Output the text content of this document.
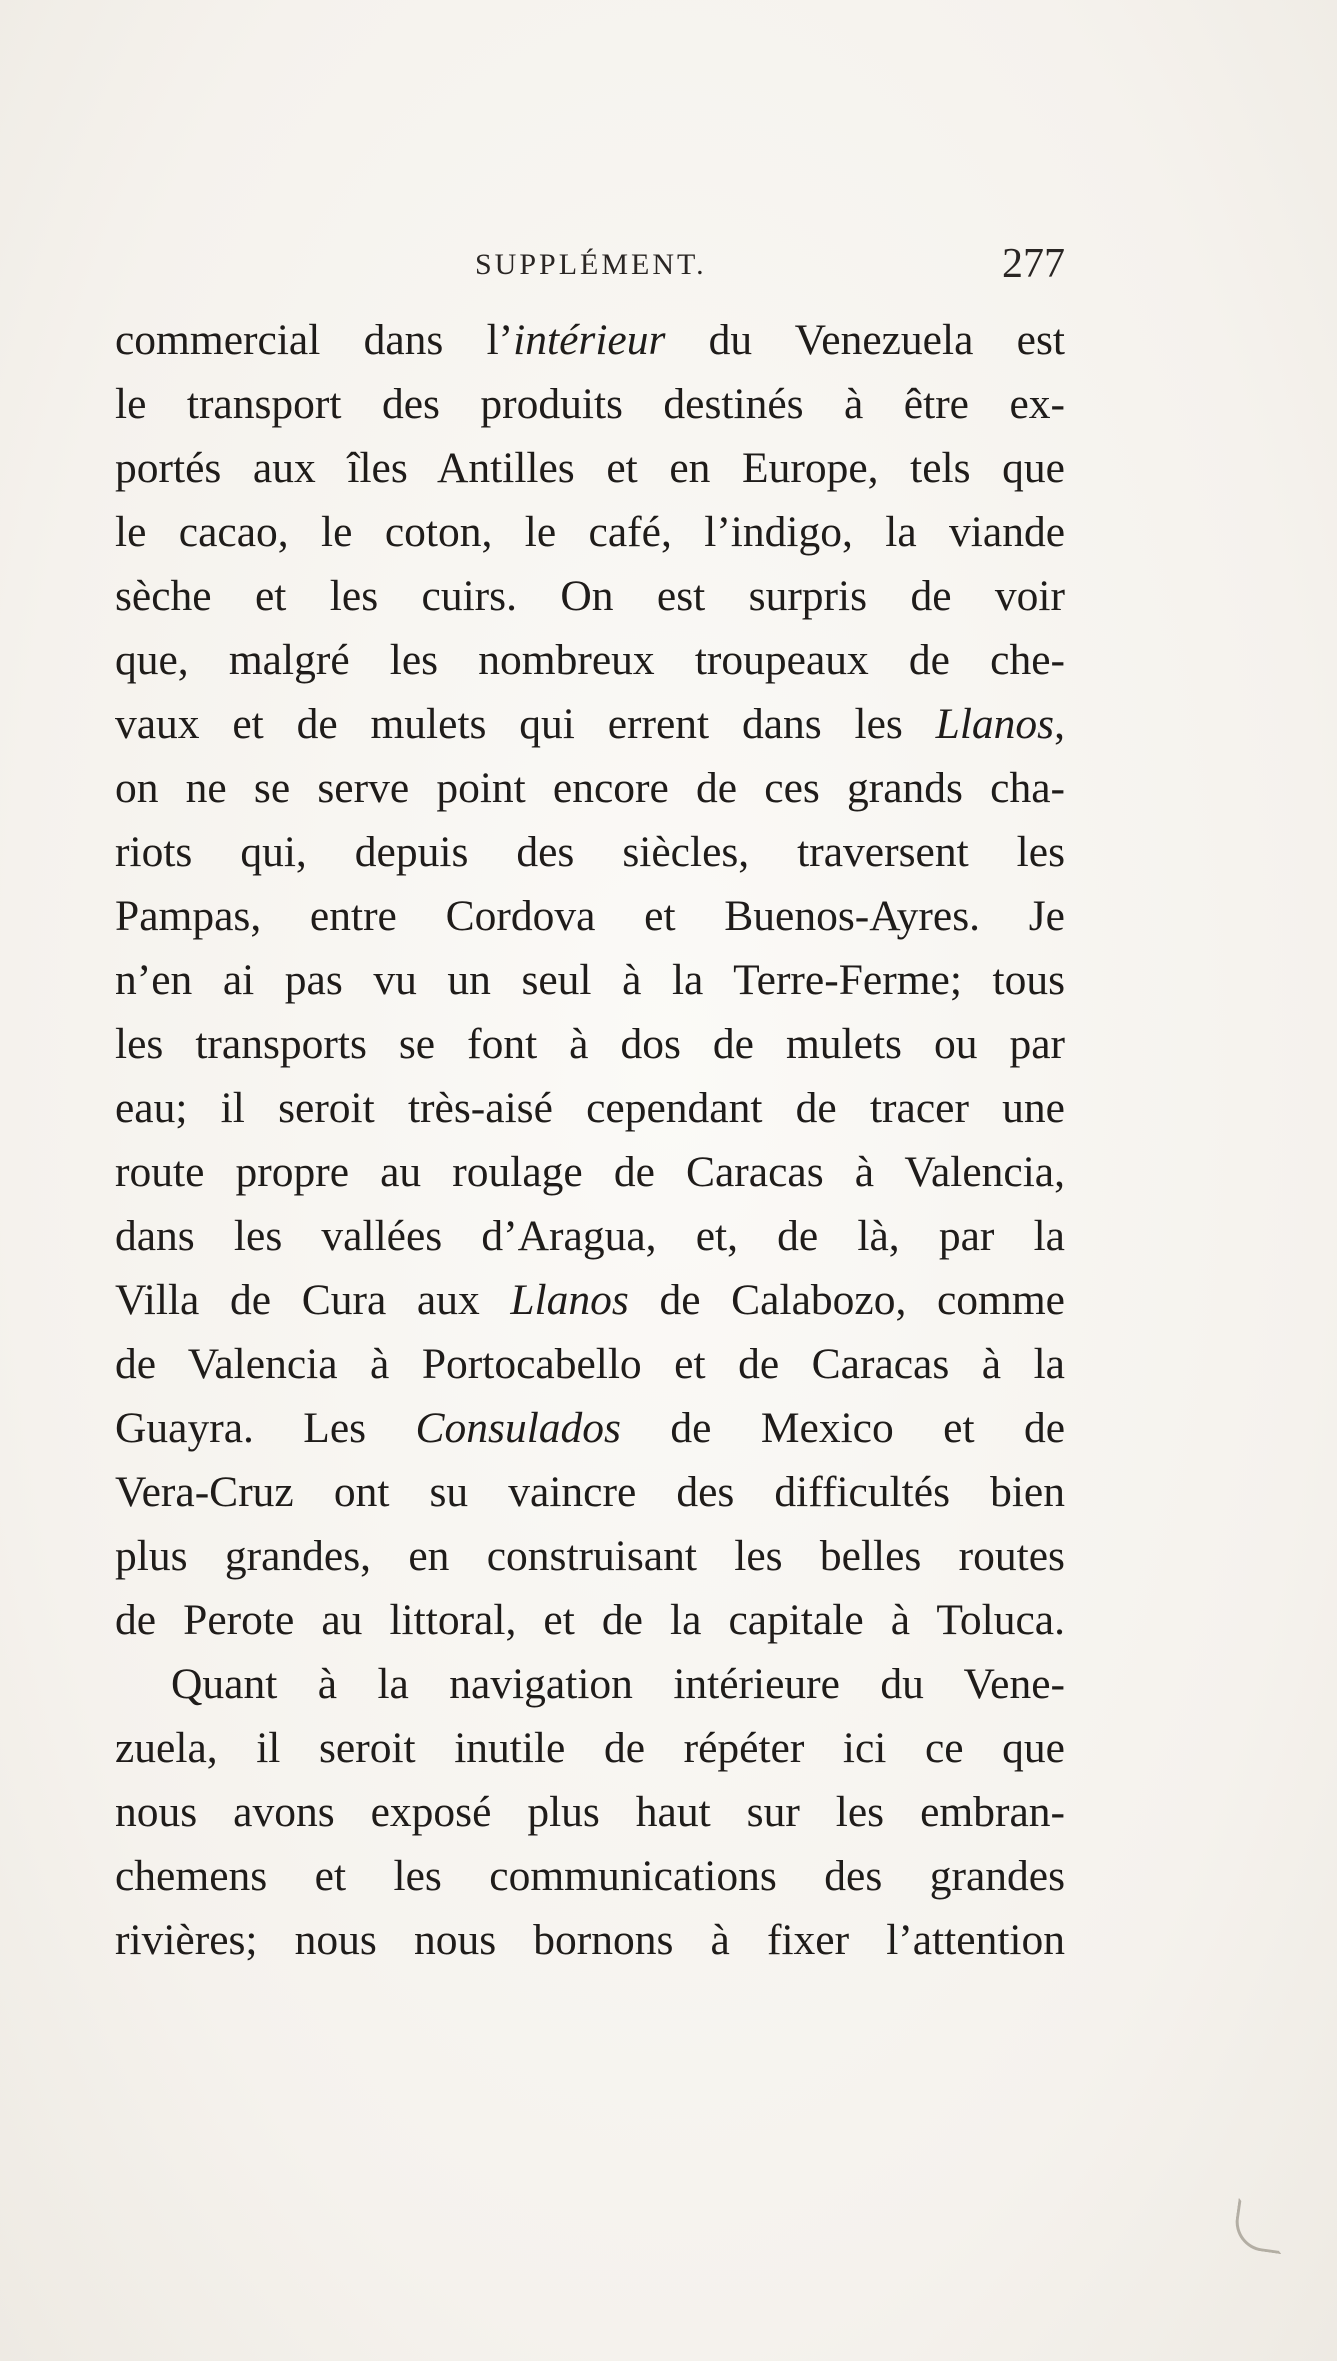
SUPPLÉMENT.	277
commercial dans l’intérieur du Venezuela est
le transport des produits destinés à être ex-
portés aux îles Antilles et en Europe, tels que
le cacao, le coton, le café, l’indigo, la viande
sèche et les cuirs. On est surpris de voir
que, malgré les nombreux troupeaux de che-
vaux et de mulets qui errent dans les Llanos,
on ne se serve point encore de ces grands cha-
riots qui, depuis des siècles, traversent les
Pampas, entre Cordova et Buenos-Ayres. Je
n’en ai pas vu un seul à la Terre-Ferme; tous
les transports se font à dos de mulets ou par
eau; il seroit très-aisé cependant de tracer une
route propre au roulage de Caracas à Valencia,
dans les vallées d’Aragua, et, de là, par la
Villa de Cura aux Llanos de Calabozo, comme
de Valencia à Portocabello et de Caracas à la
Guayra. Les Consulados de Mexico et de
Vera-Cruz ont su vaincre des difficultés bien
plus grandes, en construisant les belles routes
de Perote au littoral, et de la capitale à Toluca.
Quant à la navigation intérieure du Vene-
zuela, il seroit inutile de répéter ici ce que
nous avons exposé plus haut sur les embran-
chemens et les communications des grandes
rivières; nous nous bornons à fixer l’attention
